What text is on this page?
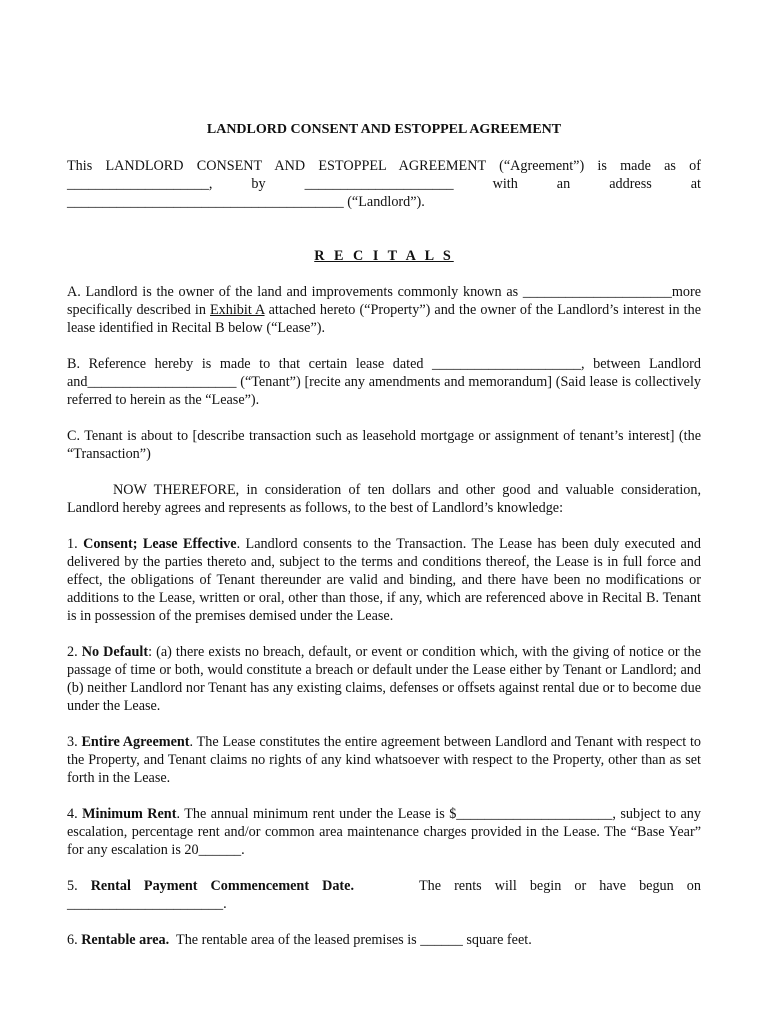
LANDLORD CONSENT AND ESTOPPEL AGREEMENT

This LANDLORD CONSENT AND ESTOPPEL AGREEMENT (“Agreement”) is made as of ____________________, by _____________________ with an address at _______________________________________ (“Landlord”).

R E C I T A L S

A. Landlord is the owner of the land and improvements commonly known as _____________________more specifically described in Exhibit A attached hereto (“Property”) and the owner of the Landlord’s interest in the lease identified in Recital B below (“Lease”).

B. Reference hereby is made to that certain lease dated _____________________, between Landlord and_____________________ (“Tenant”) [recite any amendments and memorandum] (Said lease is collectively referred to herein as the “Lease”).

C. Tenant is about to [describe transaction such as leasehold mortgage or assignment of tenant’s interest] (the “Transaction”)

NOW THEREFORE, in consideration of ten dollars and other good and valuable consideration, Landlord hereby agrees and represents as follows, to the best of Landlord’s knowledge:

1. Consent; Lease Effective. Landlord consents to the Transaction. The Lease has been duly executed and delivered by the parties thereto and, subject to the terms and conditions thereof, the Lease is in full force and effect, the obligations of Tenant thereunder are valid and binding, and there have been no modifications or additions to the Lease, written or oral, other than those, if any, which are referenced above in Recital B. Tenant is in possession of the premises demised under the Lease.

2. No Default: (a) there exists no breach, default, or event or condition which, with the giving of notice or the passage of time or both, would constitute a breach or default under the Lease either by Tenant or Landlord; and (b) neither Landlord nor Tenant has any existing claims, defenses or offsets against rental due or to become due under the Lease.

3. Entire Agreement. The Lease constitutes the entire agreement between Landlord and Tenant with respect to the Property, and Tenant claims no rights of any kind whatsoever with respect to the Property, other than as set forth in the Lease.

4. Minimum Rent. The annual minimum rent under the Lease is $______________________, subject to any escalation, percentage rent and/or common area maintenance charges provided in the Lease. The “Base Year” for any escalation is 20______.

5. Rental Payment Commencement Date.     The rents will begin or have begun on ______________________.

6. Rentable area.  The rentable area of the leased premises is ______ square feet.
